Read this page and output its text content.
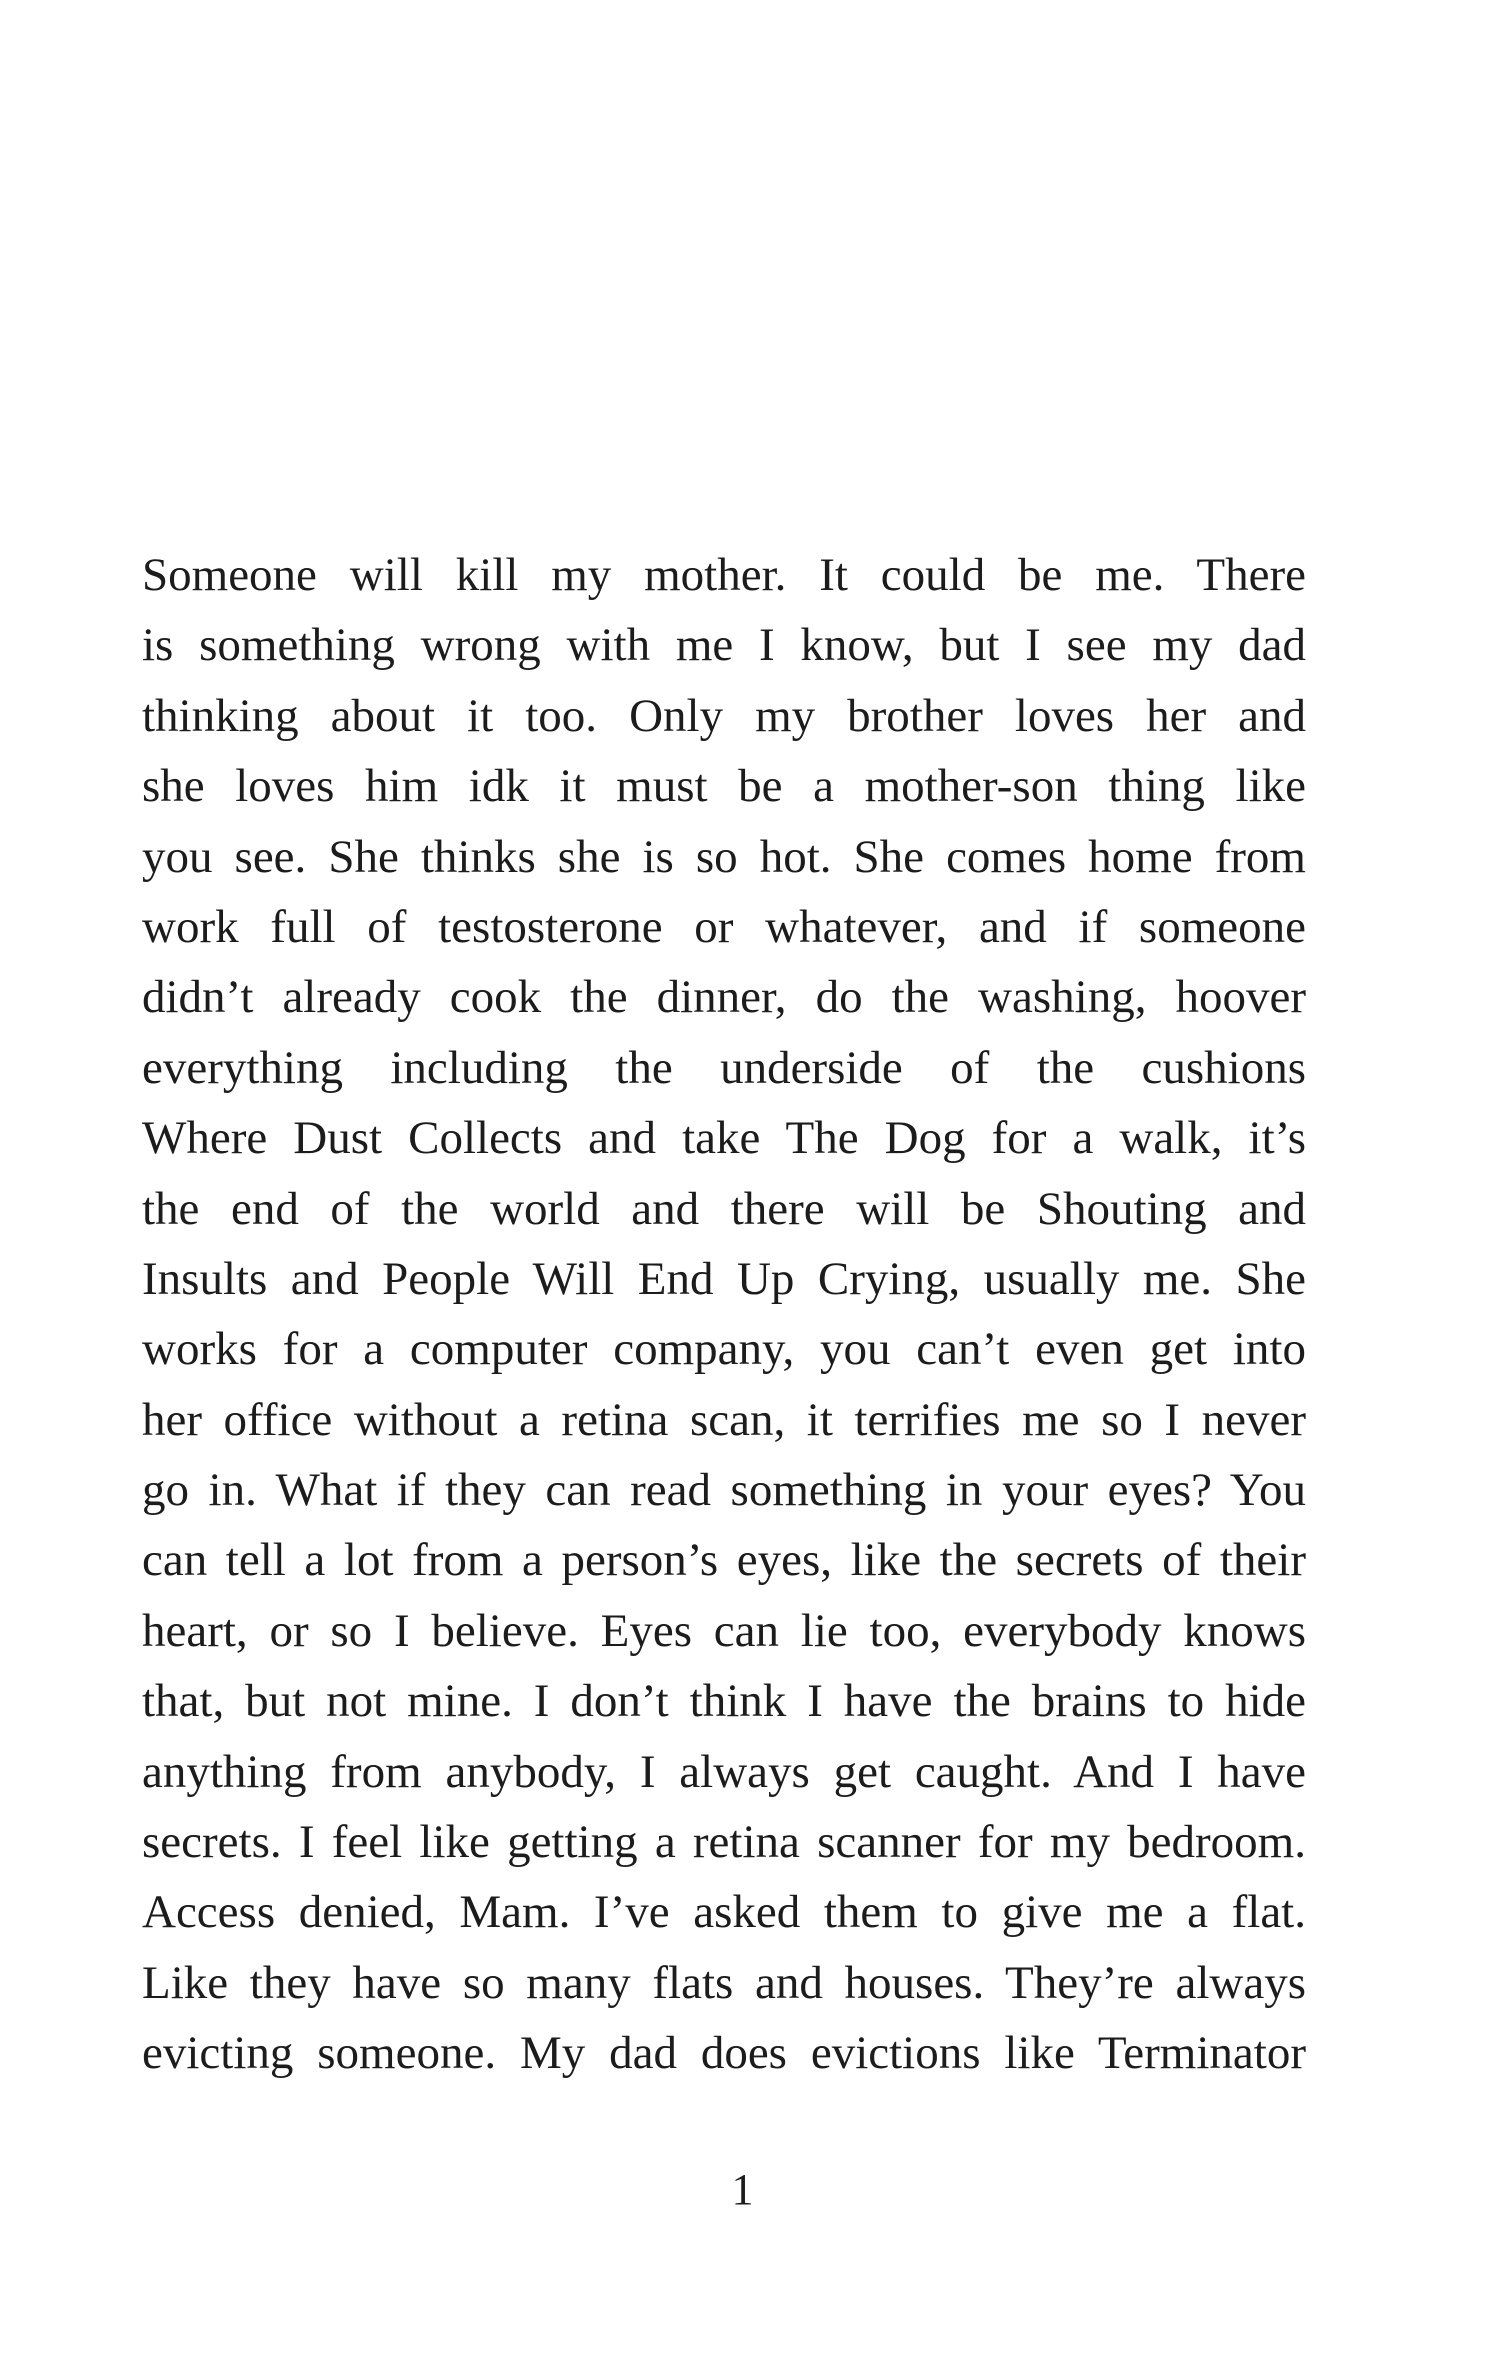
Someone will kill my mother. It could be me. There
is something wrong with me I know, but I see my dad
thinking about it too. Only my brother loves her and
she loves him idk it must be a mother-son thing like
you see. She thinks she is so hot. She comes home from
work full of testosterone or whatever, and if someone
didn’t already cook the dinner, do the washing, hoover
everything including the underside of the cushions
Where Dust Collects and take The Dog for a walk, it’s
the end of the world and there will be Shouting and
Insults and People Will End Up Crying, usually me. She
works for a computer company, you can’t even get into
her office without a retina scan, it terrifies me so I never
go in. What if they can read something in your eyes? You
can tell a lot from a person’s eyes, like the secrets of their
heart, or so I believe. Eyes can lie too, everybody knows
that, but not mine. I don’t think I have the brains to hide
anything from anybody, I always get caught. And I have
secrets. I feel like getting a retina scanner for my bedroom.
Access denied, Mam. I’ve asked them to give me a flat.
Like they have so many flats and houses. They’re always
evicting someone. My dad does evictions like Terminator
1
